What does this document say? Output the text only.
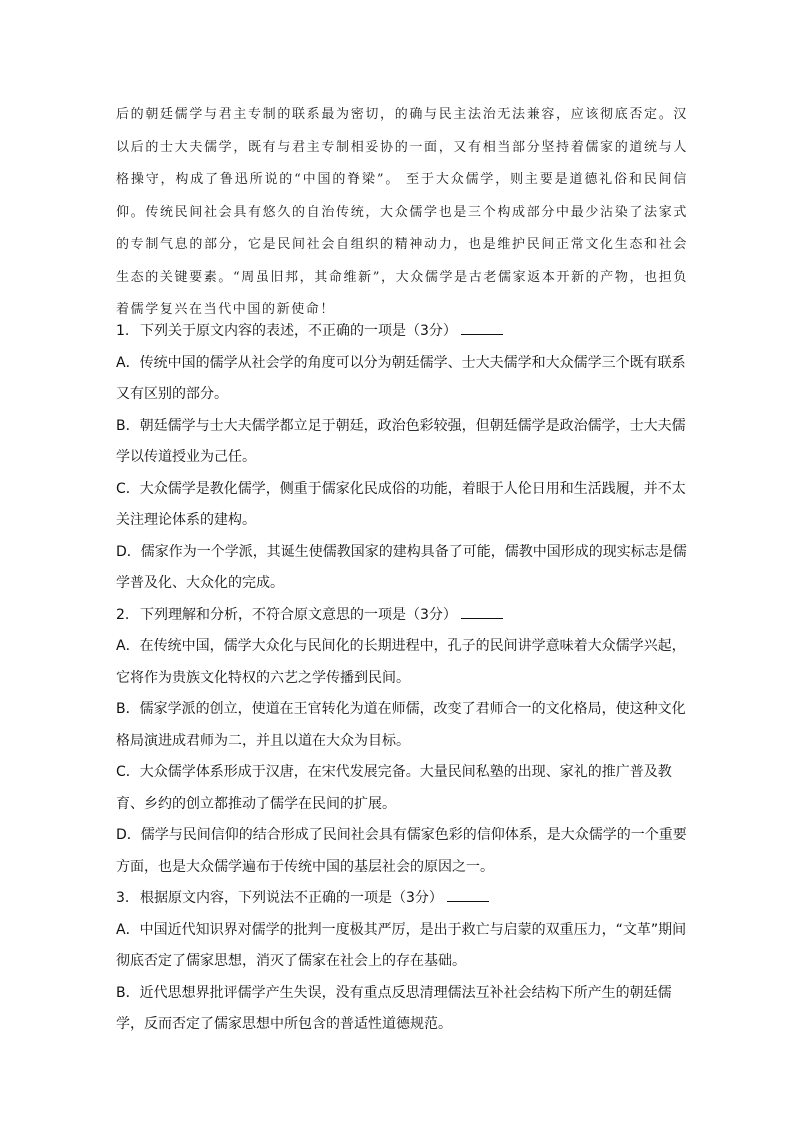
后的朝廷儒学与君主专制的联系最为密切，的确与民主法治无法兼容，应该彻底否定。汉以后的士大夫儒学，既有与君主专制相妥协的一面，又有相当部分坚持着儒家的道统与人格操守，构成了鲁迅所说的“中国的脊梁”。 至于大众儒学，则主要是道德礼俗和民间信仰。传统民间社会具有悠久的自治传统，大众儒学也是三个构成部分中最少沾染了法家式的专制气息的部分，它是民间社会自组织的精神动力，也是维护民间正常文化生态和社会生态的关键要素。“周虽旧邦，其命维新”，大众儒学是古老儒家返本开新的产物，也担负着儒学复兴在当代中国的新使命！

1. 下列关于原文内容的表述，不正确的一项是（3分）

A．传统中国的儒学从社会学的角度可以分为朝廷儒学、士大夫儒学和大众儒学三个既有联系又有区别的部分。

B．朝廷儒学与士大夫儒学都立足于朝廷，政治色彩较强，但朝廷儒学是政治儒学，士大夫儒学以传道授业为己任。

C．大众儒学是教化儒学，侧重于儒家化民成俗的功能，着眼于人伦日用和生活践履，并不太关注理论体系的建构。

D．儒家作为一个学派，其诞生使儒教国家的建构具备了可能，儒教中国形成的现实标志是儒学普及化、大众化的完成。

2. 下列理解和分析，不符合原文意思的一项是（3分）

A．在传统中国，儒学大众化与民间化的长期进程中，孔子的民间讲学意味着大众儒学兴起，它将作为贵族文化特权的六艺之学传播到民间。

B．儒家学派的创立，使道在王官转化为道在师儒，改变了君师合一的文化格局，使这种文化格局演进成君师为二，并且以道在大众为目标。

C．大众儒学体系形成于汉唐，在宋代发展完备。大量民间私塾的出现、家礼的推广普及教育、乡约的创立都推动了儒学在民间的扩展。

D．儒学与民间信仰的结合形成了民间社会具有儒家色彩的信仰体系，是大众儒学的一个重要方面，也是大众儒学遍布于传统中国的基层社会的原因之一。

3. 根据原文内容，下列说法不正确的一项是（3分）

A．中国近代知识界对儒学的批判一度极其严厉，是出于救亡与启蒙的双重压力，“文革”期间彻底否定了儒家思想，消灭了儒家在社会上的存在基础。

B．近代思想界批评儒学产生失误，没有重点反思清理儒法互补社会结构下所产生的朝廷儒学，反而否定了儒家思想中所包含的普适性道德规范。
